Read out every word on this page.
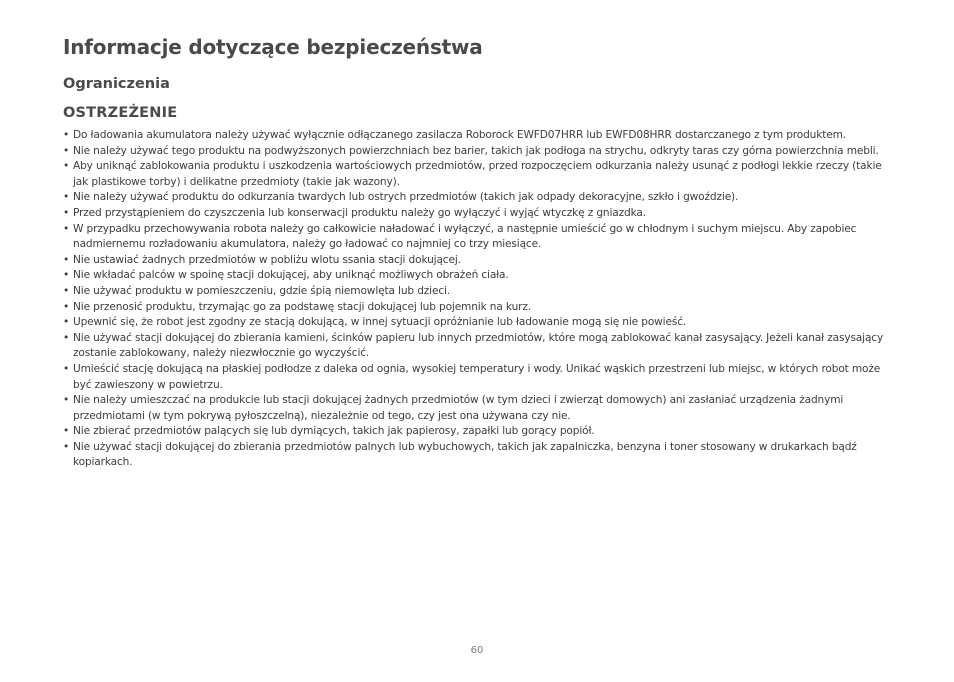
Informacje dotyczące bezpieczeństwa
Ograniczenia
OSTRZEŻENIE
• Do ładowania akumulatora należy używać wyłącznie odłączanego zasilacza Roborock EWFD07HRR lub EWFD08HRR dostarczanego z tym produktem.
• Nie należy używać tego produktu na podwyższonych powierzchniach bez barier, takich jak podłoga na strychu, odkryty taras czy górna powierzchnia mebli.
• Aby uniknąć zablokowania produktu i uszkodzenia wartościowych przedmiotów, przed rozpoczęciem odkurzania należy usunąć z podłogi lekkie rzeczy (takie jak plastikowe torby) i delikatne przedmioty (takie jak wazony).
• Nie należy używać produktu do odkurzania twardych lub ostrych przedmiotów (takich jak odpady dekoracyjne, szkło i gwoździe).
• Przed przystąpieniem do czyszczenia lub konserwacji produktu należy go wyłączyć i wyjąć wtyczkę z gniazdka.
• W przypadku przechowywania robota należy go całkowicie naładować i wyłączyć, a następnie umieścić go w chłodnym i suchym miejscu. Aby zapobiec nadmiernemu rozładowaniu akumulatora, należy go ładować co najmniej co trzy miesiące.
• Nie ustawiać żadnych przedmiotów w pobliżu wlotu ssania stacji dokującej.
• Nie wkładać palców w spoinę stacji dokującej, aby uniknąć możliwych obrażeń ciała.
• Nie używać produktu w pomieszczeniu, gdzie śpią niemowlęta lub dzieci.
• Nie przenosić produktu, trzymając go za podstawę stacji dokującej lub pojemnik na kurz.
• Upewnić się, że robot jest zgodny ze stacją dokującą, w innej sytuacji opróżnianie lub ładowanie mogą się nie powieść.
• Nie używać stacji dokującej do zbierania kamieni, ścinków papieru lub innych przedmiotów, które mogą zablokować kanał zasysający. Jeżeli kanał zasysający zostanie zablokowany, należy niezwłocznie go wyczyścić.
• Umieścić stację dokującą na płaskiej podłodze z daleka od ognia, wysokiej temperatury i wody. Unikać wąskich przestrzeni lub miejsc, w których robot może być zawieszony w powietrzu.
• Nie należy umieszczać na produkcie lub stacji dokującej żadnych przedmiotów (w tym dzieci i zwierząt domowych) ani zasłaniać urządzenia żadnymi przedmiotami (w tym pokrywą pyłoszczelną), niezależnie od tego, czy jest ona używana czy nie.
• Nie zbierać przedmiotów palących się lub dymiących, takich jak papierosy, zapałki lub gorący popiół.
• Nie używać stacji dokującej do zbierania przedmiotów palnych lub wybuchowych, takich jak zapalniczka, benzyna i toner stosowany w drukarkach bądź kopiarkach.
60
